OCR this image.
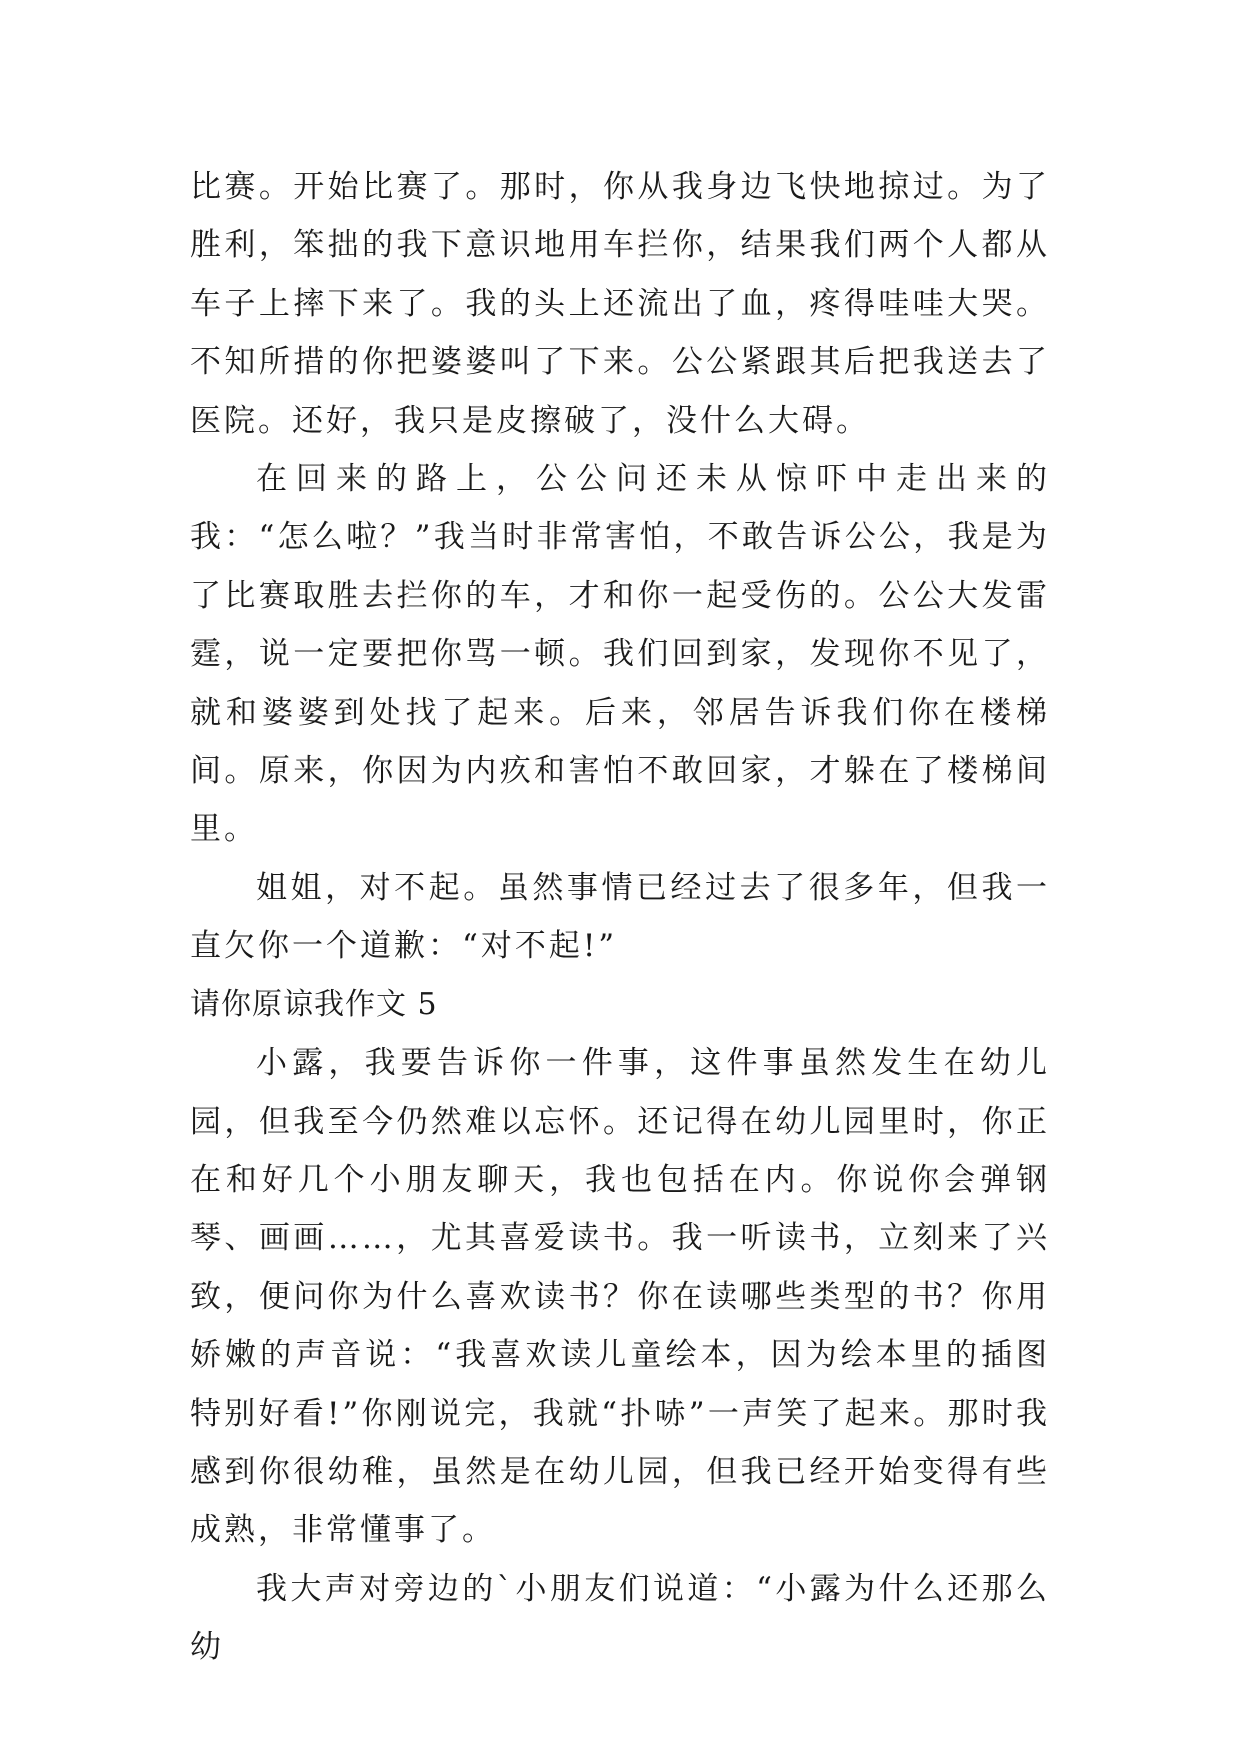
比赛。开始比赛了。那时，你从我身边飞快地掠过。为了胜利，笨拙的我下意识地用车拦你，结果我们两个人都从车子上摔下来了。我的头上还流出了血，疼得哇哇大哭。不知所措的你把婆婆叫了下来。公公紧跟其后把我送去了医院。还好，我只是皮擦破了，没什么大碍。

在回来的路上，公公问还未从惊吓中走出来的我：“怎么啦？”我当时非常害怕，不敢告诉公公，我是为了比赛取胜去拦你的车，才和你一起受伤的。公公大发雷霆，说一定要把你骂一顿。我们回到家，发现你不见了，就和婆婆到处找了起来。后来，邻居告诉我们你在楼梯间。原来，你因为内疚和害怕不敢回家，才躲在了楼梯间里。

姐姐，对不起。虽然事情已经过去了很多年，但我一直欠你一个道歉：“对不起!”

请你原谅我作文 5

小露，我要告诉你一件事，这件事虽然发生在幼儿园，但我至今仍然难以忘怀。还记得在幼儿园里时，你正在和好几个小朋友聊天，我也包括在内。你说你会弹钢琴、画画……，尤其喜爱读书。我一听读书，立刻来了兴致，便问你为什么喜欢读书？你在读哪些类型的书？你用娇嫩的声音说：“我喜欢读儿童绘本，因为绘本里的插图特别好看!”你刚说完，我就“扑哧”一声笑了起来。那时我感到你很幼稚，虽然是在幼儿园，但我已经开始变得有些成熟，非常懂事了。

我大声对旁边的`小朋友们说道：“小露为什么还那么幼
